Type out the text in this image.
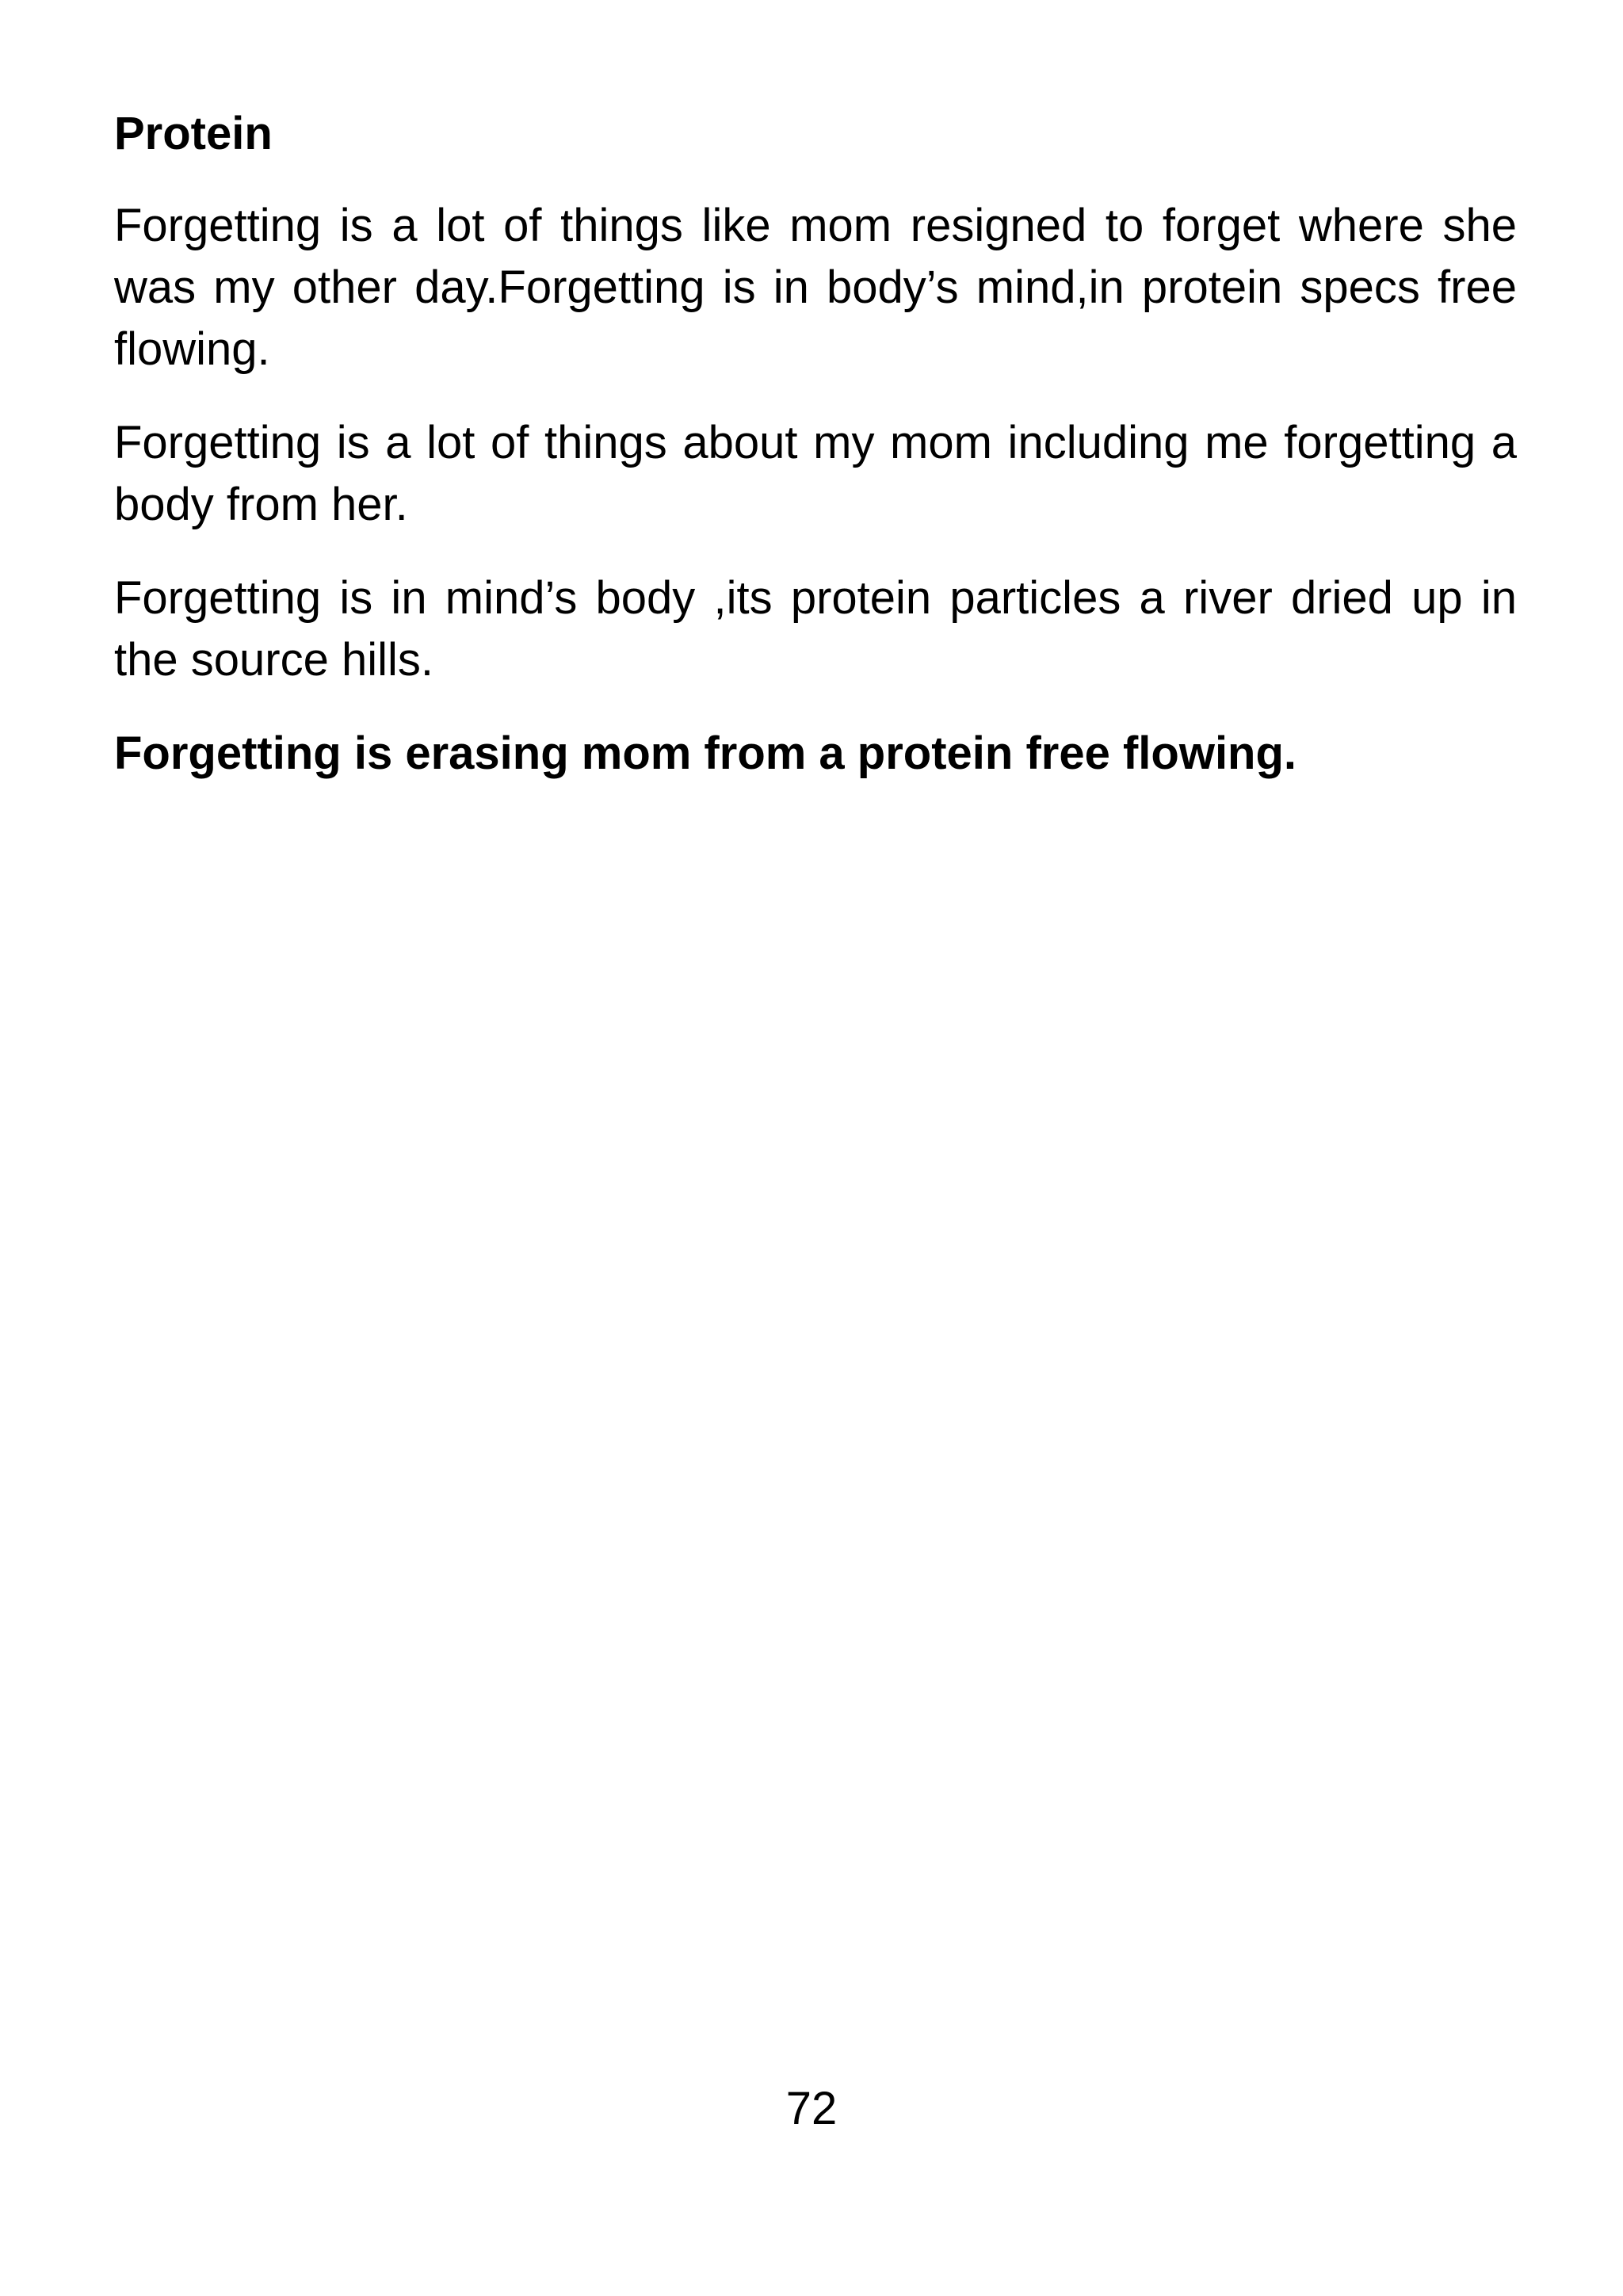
Protein

Forgetting is a lot of things like mom resigned to forget where she was my other day.Forgetting is in body’s mind,in protein specs free flowing.

Forgetting is a lot of things about my mom including me forgetting a body from her.

Forgetting is in mind’s body ,its protein particles a river dried up in the source hills.

Forgetting is erasing mom from a protein free flowing.

72
